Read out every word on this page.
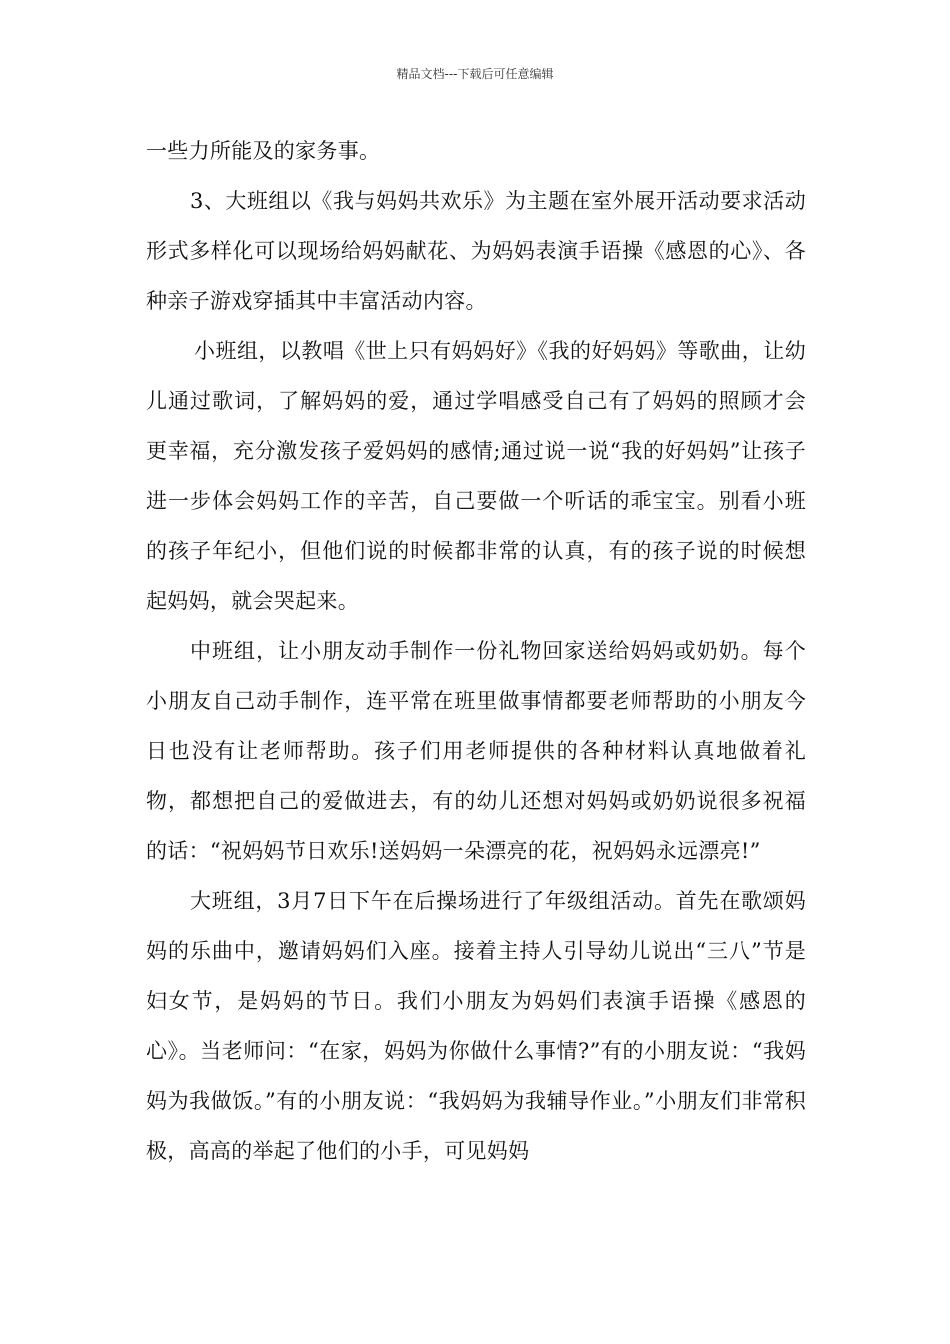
精品文档---下载后可任意编辑

一些力所能及的家务事。

3、大班组以《我与妈妈共欢乐》为主题在室外展开活动要求活动形式多样化可以现场给妈妈献花、为妈妈表演手语操《感恩的心》、各种亲子游戏穿插其中丰富活动内容。

小班组，以教唱《世上只有妈妈好》《我的好妈妈》等歌曲，让幼儿通过歌词，了解妈妈的爱，通过学唱感受自己有了妈妈的照顾才会更幸福，充分激发孩子爱妈妈的感情;通过说一说“我的好妈妈”让孩子进一步体会妈妈工作的辛苦，自己要做一个听话的乖宝宝。别看小班的孩子年纪小，但他们说的时候都非常的认真，有的孩子说的时候想起妈妈，就会哭起来。

中班组，让小朋友动手制作一份礼物回家送给妈妈或奶奶。每个小朋友自己动手制作，连平常在班里做事情都要老师帮助的小朋友今日也没有让老师帮助。孩子们用老师提供的各种材料认真地做着礼物，都想把自己的爱做进去，有的幼儿还想对妈妈或奶奶说很多祝福的话：“祝妈妈节日欢乐!送妈妈一朵漂亮的花，祝妈妈永远漂亮!”

大班组，3月7日下午在后操场进行了年级组活动。首先在歌颂妈妈的乐曲中，邀请妈妈们入座。接着主持人引导幼儿说出“三八”节是妇女节，是妈妈的节日。我们小朋友为妈妈们表演手语操《感恩的心》。当老师问：“在家，妈妈为你做什么事情?”有的小朋友说：“我妈妈为我做饭。”有的小朋友说：“我妈妈为我辅导作业。”小朋友们非常积极，高高的举起了他们的小手，可见妈妈
